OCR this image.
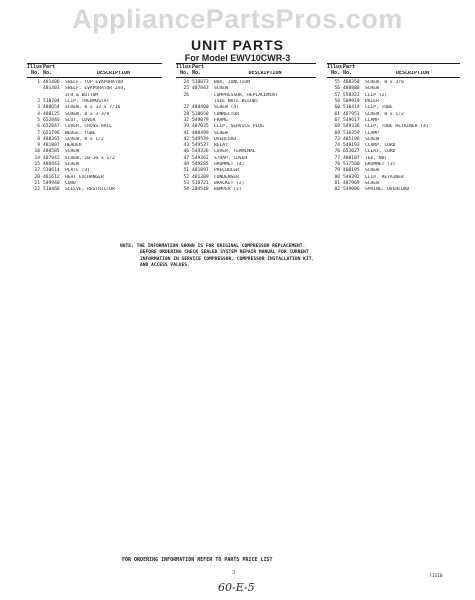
AppliancePartsPros.com
UNIT PARTS
For Model EWV10CWR-3
Illus.
Part
No. No.	DESCRIPTION
1 481406	SHELF, TOP EVAPORATOR
481403	SHELF, EVAPORATOR 2nd,
3rd & BOTTOM
2 510704	CLIP, THERMOSTAT
3 488654	SCREW, 8 x 32 x 7/16
4 488125	SCREW, 8 x 3-3/8
5 652846	SLOT, COVER
6 652847	COVER, CROSS RAIL
7 652796	WEDGE, TUBE
8 488365	SCREW, 8 x 1/2
9 481807	HEADER
10 488585	SCREW
14 487942	SCREW, 10-16 x 1/2
15 488443	SCREW
17 510614	PLATE (3)
20 481612	HEAT EXCHANGER
21 549940	CORD
22 510466	SLEEVE, RESTRICTOR
Illus.
Part
No. No.	DESCRIPTION
24 510073	BOX, JUNCTION
25 487843	SCREW
26	COMPRESSOR, REPLACEMENT
(SEE NOTE BELOW)
27 488400	SCREW (4)
28 510650	CONNECTOR
32 549079	FRAME
39 487035	CLIP, SERVICE PLUG
41 488499	SCREW
42 549539	OVERLOAD
43 549537	RELAY
46 549336	COVER, TERMINAL
47 549362	STRAP, COVER
48 549285	GROMMET (4)
51 481897	PRECOOLER
52 481309	CONDENSER
53 510721	BRACKET (2)
54 204540	BUMPER (2)
Illus.
Part
No. No.	DESCRIPTION
55 488358	SCREW, 8 x 3/8
56 488888	SCREW
57 550322	CLIP (2)
58 509919	DRIER
60 510414	CLIP, TUBE
61 487951	SCREW, 8 x 1/2
67 549617	CLAMP
68 549336	CLIP, TUBE RETAINER (4)
69 510359	CLAMP
73 485196	SCREW
74 549193	CLAMP, CORD
76 653027	CLEAT, CORD
77 488187	TEE, NUT
78 517500	GROMMET (3)
79 488195	SCREW
80 549392	CLIP, RETAINER
81 487969	SCREW
82 549086	SPRING, OVERLOAD
NOTE: THE INFORMATION SHOWN IS FOR ORIGINAL COMPRESSOR REPLACEMENT.
BEFORE ORDERING CHECK SEALED SYSTEM REPAIR MANUAL FOR CURRENT
INFORMATION IN SERVICE COMPRESSOR, COMPRESSOR INSTALLATION KIT,
AND ACCESS VALVES.
FOR ORDERING INFORMATION REFER TO PARTS PRICE LIST
3
71310
60-E-5
